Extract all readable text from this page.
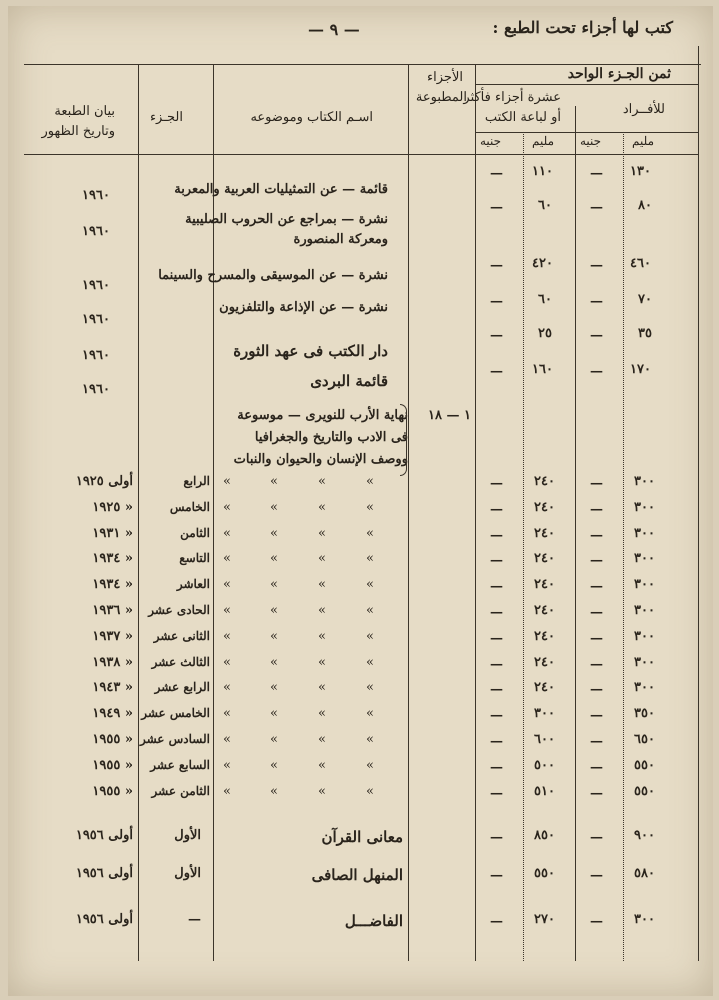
كتب لها أجزاء تحت الطبع :
— ٩ —
ثمن الجـزء الواحد
للأفــراد
عشرة أجزاء فأكثر
أو لباعة الكتب
الأجزاء
المطبوعة
اسـم الكتاب وموضوعه
الجـزء
بيان الطبعة
وتاريخ الظهور
مليم
جنيه
مليم
جنيه
١٣٠
—
١١٠
—
قائمة — عن التمثيليات العربية والمعربة
١٩٦٠
٨٠
—
٦٠
—
نشرة — بمراجع عن الحروب الصليبية
ومعركة المنصورة
١٩٦٠
٤٦٠
—
٤٢٠
—
نشرة — عن الموسيقى والمسرح والسينما
١٩٦٠
٧٠
—
٦٠
—
نشرة — عن الإذاعة والتلفزيون
١٩٦٠
٣٥
—
٢٥
—
دار الكتب فى عهد الثورة
١٩٦٠
١٧٠
—
١٦٠
—
قائمة البردى
١٩٦٠
نهاية الأرب للنويرى — موسوعة
فى الادب والتاريخ والجغرافيا
ووصف الإنسان والحيوان والنبات
١ — ١٨
٣٠٠
—
٢٤٠
—
»
»
»
»
الرابع
أولى ١٩٢٥
٣٠٠
—
٢٤٠
—
»
»
»
»
الخامس
« ١٩٢٥
٣٠٠
—
٢٤٠
—
»
»
»
»
الثامن
« ١٩٣١
٣٠٠
—
٢٤٠
—
»
»
»
»
التاسع
« ١٩٣٤
٣٠٠
—
٢٤٠
—
»
»
»
»
العاشر
« ١٩٣٤
٣٠٠
—
٢٤٠
—
»
»
»
»
الحادى عشر
« ١٩٣٦
٣٠٠
—
٢٤٠
—
»
»
»
»
الثانى عشر
« ١٩٣٧
٣٠٠
—
٢٤٠
—
»
»
»
»
الثالث عشر
« ١٩٣٨
٣٠٠
—
٢٤٠
—
»
»
»
»
الرابع عشر
« ١٩٤٣
٣٥٠
—
٣٠٠
—
»
»
»
»
الخامس عشر
« ١٩٤٩
٦٥٠
—
٦٠٠
—
»
»
»
»
السادس عشر
« ١٩٥٥
٥٥٠
—
٥٠٠
—
»
»
»
»
السابع عشر
« ١٩٥٥
٥٥٠
—
٥١٠
—
»
»
»
»
الثامن عشر
« ١٩٥٥
٩٠٠
—
٨٥٠
—
معانى القرآن
الأول
أولى ١٩٥٦
٥٨٠
—
٥٥٠
—
المنهل الصافى
الأول
أولى ١٩٥٦
٣٠٠
—
٢٧٠
—
الفاضـــل
—
أولى ١٩٥٦
